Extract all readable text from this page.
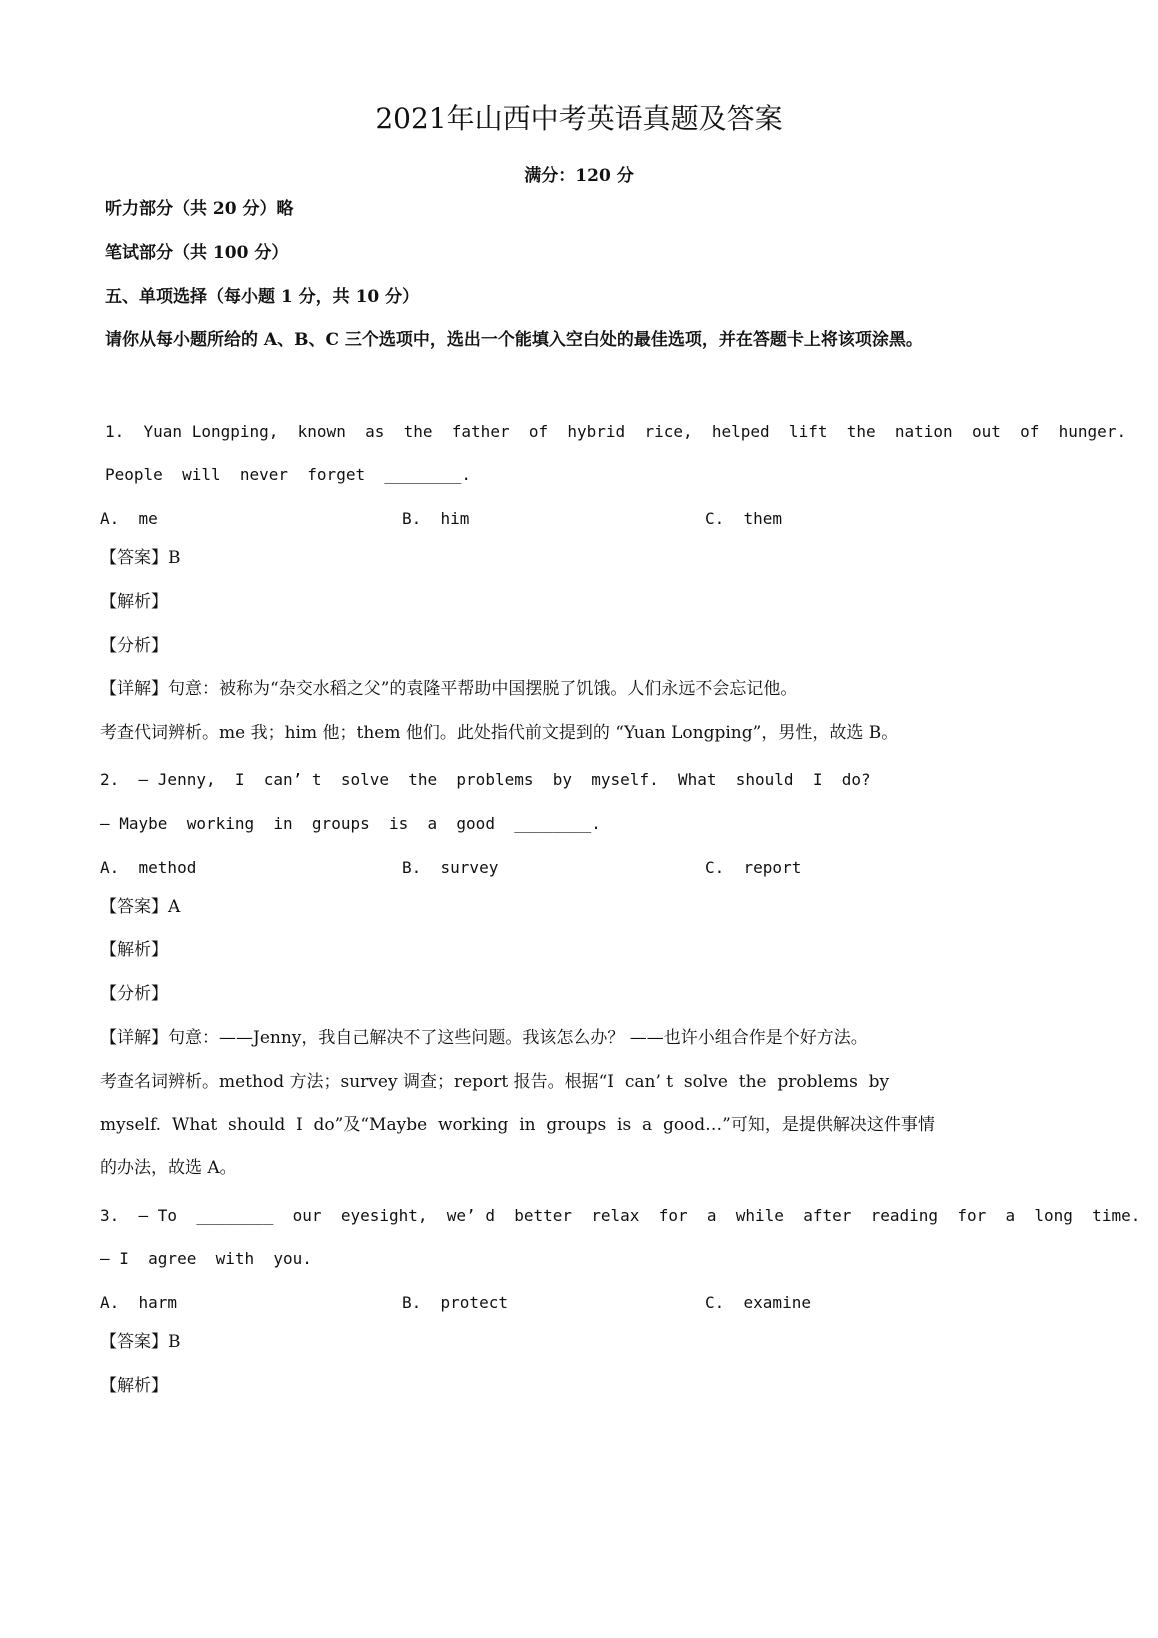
2021年山西中考英语真题及答案
满分：120 分
听力部分（共 20 分）略
笔试部分（共 100 分）
五、单项选择（每小题 1 分，共 10 分）
请你从每小题所给的 A、B、C 三个选项中，选出一个能填入空白处的最佳选项，并在答题卡上将该项涂黑。
1.  Yuan Longping,  known  as  the  father  of  hybrid  rice,  helped  lift  the  nation  out  of  hunger.
People  will  never  forget  ________.
A.  me	B.  him	C.  them
【答案】B
【解析】
【分析】
【详解】句意：被称为“杂交水稻之父”的袁隆平帮助中国摆脱了饥饿。人们永远不会忘记他。
考查代词辨析。me 我；him 他；them 他们。此处指代前文提到的 “Yuan Longping”，男性，故选 B。
2.  — Jenny,  I  can’ t  solve  the  problems  by  myself.  What  should  I  do?
— Maybe  working  in  groups  is  a  good  ________.
A.  method	B.  survey	C.  report
【答案】A
【解析】
【分析】
【详解】句意：——Jenny，我自己解决不了这些问题。我该怎么办？ ——也许小组合作是个好方法。
考查名词辨析。method 方法；survey 调查；report 报告。根据“I  can’ t  solve  the  problems  by
myself.  What  should  I  do”及“Maybe  working  in  groups  is  a  good…”可知，是提供解决这件事情
的办法，故选 A。
3.  — To  ________  our  eyesight,  we’ d  better  relax  for  a  while  after  reading  for  a  long  time.
— I  agree  with  you.
A.  harm	B.  protect	C.  examine
【答案】B
【解析】
